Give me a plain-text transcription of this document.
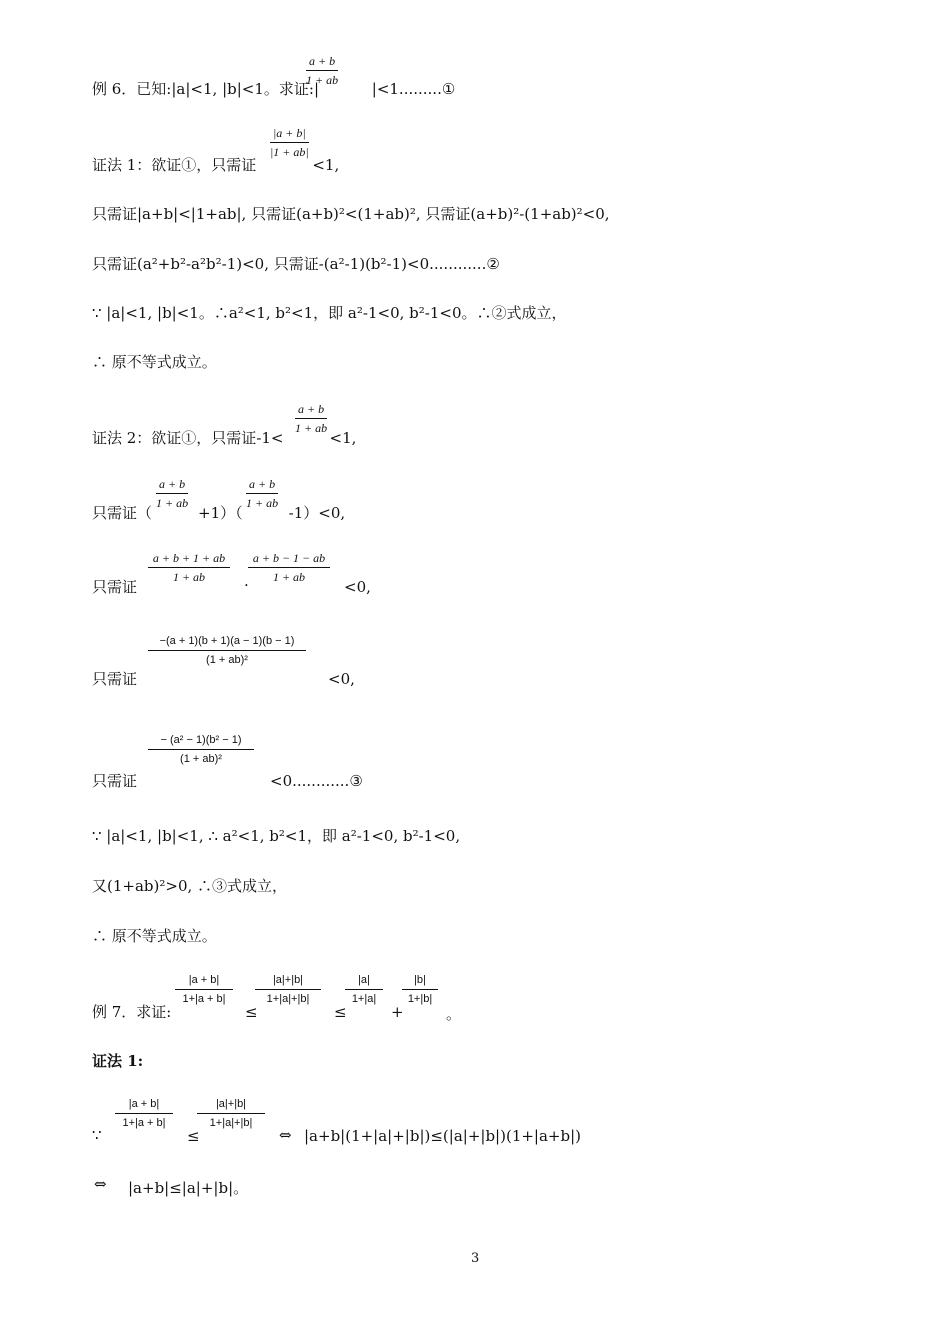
例 6．已知:|a|<1, |b|<1。求证:|	|<1.........①
$\frac{a + b}{1 + ab}$
证法 1：欲证①，只需证	<1,
$\frac{|a + b|}{|1 + ab|}$
只需证|a+b|<|1+ab|, 只需证(a+b)²<(1+ab)², 只需证(a+b)²-(1+ab)²<0,
只需证(a²+b²-a²b²-1)<0, 只需证-(a²-1)(b²-1)<0............②
∵ |a|<1, |b|<1。∴a²<1, b²<1，即 a²-1<0, b²-1<0。∴②式成立，
∴ 原不等式成立。
证法 2：欲证①，只需证-1<	<1,
$\frac{a + b}{1 + ab}$
只需证（	+1）（	-1）<0,
$\frac{a + b}{1 + ab}$	$\frac{a + b}{1 + ab}$
只需证
$\frac{a + b + 1 + ab}{1 + ab}$ . $\frac{a + b - 1 - ab}{1 + ab}$
<0,
只需证
$\frac{-(a + 1)(b + 1)(a - 1)(b - 1)}{\text{(1 + ab)²}}$
<0,
只需证
$\frac{\text{− (a² − 1)(b² − 1)}}{\text{(1 + ab)²}}$
<0............③
∵ |a|<1, |b|<1, ∴ a²<1, b²<1，即 a²-1<0, b²-1<0,
又(1+ab)²>0, ∴③式成立，
∴ 原不等式成立。
例 7．求证:
$\frac{|a + b|}{1+|a + b|}$
≤
$\frac{|a|+|b|}{1+|a|+|b|}$
≤
$\frac{|a|}{1+|a|}$
+
$\frac{|b|}{1+|b|}$
。
证法 1:
∵
$\frac{|a + b|}{1+|a + b|}$
≤
$\frac{|a|+|b|}{1+|a|+|b|}$
⇔ |a+b|(1+|a|+|b|)≤(|a|+|b|)(1+|a+b|)
⇔ |a+b|≤|a|+|b|。
3
